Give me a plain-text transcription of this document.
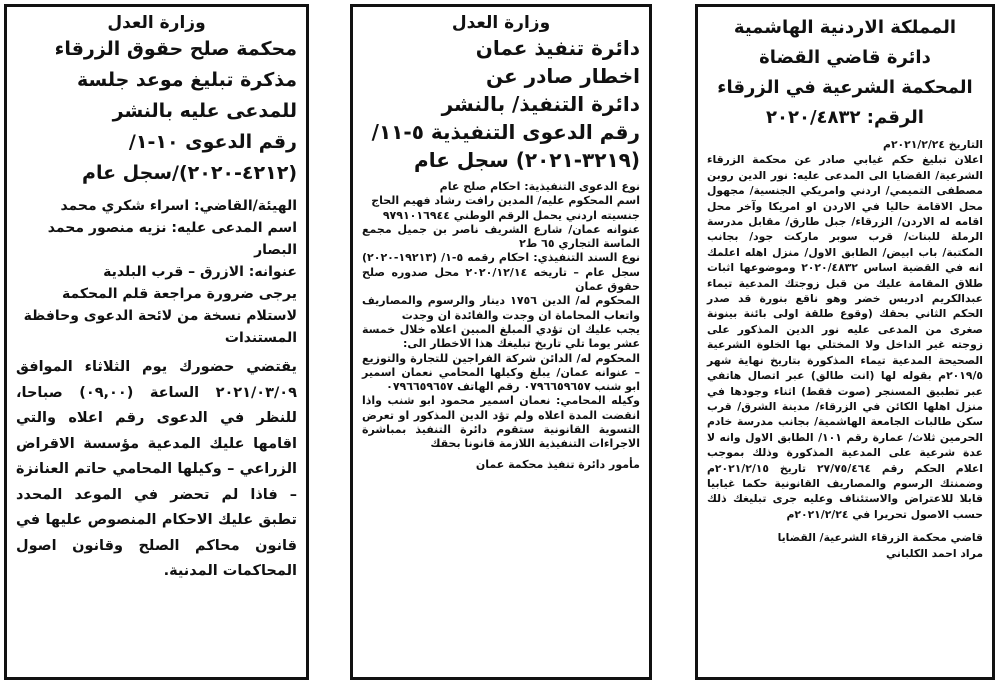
وزارة العدل
محكمة صلح حقوق الزرقاء
مذكرة تبليغ موعد جلسة
للمدعى عليه بالنشر
رقم الدعوى ١٠-١/
(٤٢١٢-٢٠٢٠)/سجل عام
الهيئة/القاضي: اسراء شكري محمد
اسم المدعى عليه: نزيه منصور محمد البصار
عنوانه: الازرق – قرب البلدية
يرجى ضرورة مراجعة قلم المحكمة لاستلام نسخة من لائحة الدعوى وحافظة المستندات
يقتضي حضورك يوم الثلاثاء الموافق ٢٠٢١/٠٣/٠٩ الساعة (٠٩,٠٠) صباحا، للنظر في الدعوى رقم اعلاه والتي اقامها عليك المدعية مؤسسة الاقراض الزراعي – وكيلها المحامي حاتم العنانزة – فاذا لم تحضر في الموعد المحدد تطبق عليك الاحكام المنصوص عليها في قانون محاكم الصلح وقانون اصول المحاكمات المدنية.
وزارة العدل
دائرة تنفيذ عمان
اخطار صادر عن
دائرة التنفيذ/ بالنشر
رقم الدعوى التنفيذية ٥-١١/
(٣٢١٩-٢٠٢١) سجل عام
نوع الدعوى التنفيذية: احكام صلح عام
اسم المحكوم عليه/ المدين رافت رشاد فهيم الحاج
جنسيته اردني يحمل الرقم الوطني ٩٧٩١٠١٦٩٤٤
عنوانه عمان/ شارع الشريف ناصر بن جميل مجمع الماسة التجاري ٦٥ ط٢
نوع السند التنفيذي: احكام رقمه ٥-١/ (١٩٢١٣-٢٠٢٠) سجل عام – تاريخه ٢٠٢٠/١٢/١٤ محل صدوره صلح حقوق عمان
المحكوم له/ الدين ١٧٥٦ دينار والرسوم والمصاريف واتعاب المحاماة ان وجدت والفائدة ان وجدت
يجب عليك ان تؤدي المبلغ المبين اعلاه خلال خمسة عشر يوما تلي تاريخ تبليغك هذا الاخطار الى:
المحكوم له/ الدائن شركة الفراجين للتجارة والتوزيع – عنوانه عمان/ يبلغ وكيلها المحامي نعمان اسمير ابو شنب ٠٧٩٦٦٥٩٦٥٧ رقم الهاتف ٠٧٩٦٦٥٩٦٥٧
وكيله المحامي: نعمان اسمير محمود ابو شنب واذا انقضت المدة اعلاه ولم تؤد الدين المذكور او تعرض التسوية القانونية ستقوم دائرة التنفيذ بمباشرة الاجراءات التنفيذية اللازمة قانونا بحقك
مأمور دائرة تنفيذ محكمة عمان
المملكة الاردنية الهاشمية
دائرة قاضي القضاة
المحكمة الشرعية في الزرقاء
الرقم: ٢٠٢٠/٤٨٣٢
التاريخ ٢٠٢١/٢/٢٤م
اعلان تبليغ حكم غيابي صادر عن محكمة الزرقاء الشرعية/ القضايا الى المدعى عليه: نور الدين روبن مصطفى التميمي/ اردني وامريكي الجنسية/ مجهول محل الاقامة حاليا في الاردن او امريكا وآخر محل اقامه له الاردن/ الزرقاء/ جبل طارق/ مقابل مدرسة الرملة للبنات/ قرب سوبر ماركت جود/ بجانب المكتبة/ باب ابيض/ الطابق الاول/ منزل اهله اعلمك انه في القضية اساس ٢٠٢٠/٤٨٣٢ وموضوعها اثبات طلاق المقامة عليك من قبل زوجتك المدعية تيماء عبدالكريم ادريس خضر وهو ناقع بنورة قد صدر الحكم الثاني بحقك (وقوع طلقة اولى بائنة بينونة صغرى من المدعى عليه نور الدين المذكور على زوجته غير الداخل ولا المختلي بها الخلوة الشرعية الصحيحة المدعية تيماء المذكورة بتاريخ نهاية شهر ٢٠١٩/٥م بقوله لها (انت طالق) عبر اتصال هاتفي عبر تطبيق المسنجر (صوت فقط) اثناء وجودها في منزل اهلها الكائن في الزرقاء/ مدينة الشرق/ قرب سكن طالبات الجامعة الهاشمية/ بجانب مدرسة خادم الحرمين ثلاث/ عمارة رقم ١٠١/ الطابق الاول وانه لا عدة شرعية على المدعية المذكورة وذلك بموجب اعلام الحكم رقم ٢٧/٧٥/٤٦٤ تاريخ ٢٠٢١/٢/١٥م وضمنتك الرسوم والمصاريف القانونية حكما غيابيا قابلا للاعتراض والاستئناف وعليه جرى تبليغك ذلك حسب الاصول تحريرا في ٢٠٢١/٢/٢٤م
قاضي محكمة الزرقاء الشرعية/ القضايا
مراد احمد الكلباني
